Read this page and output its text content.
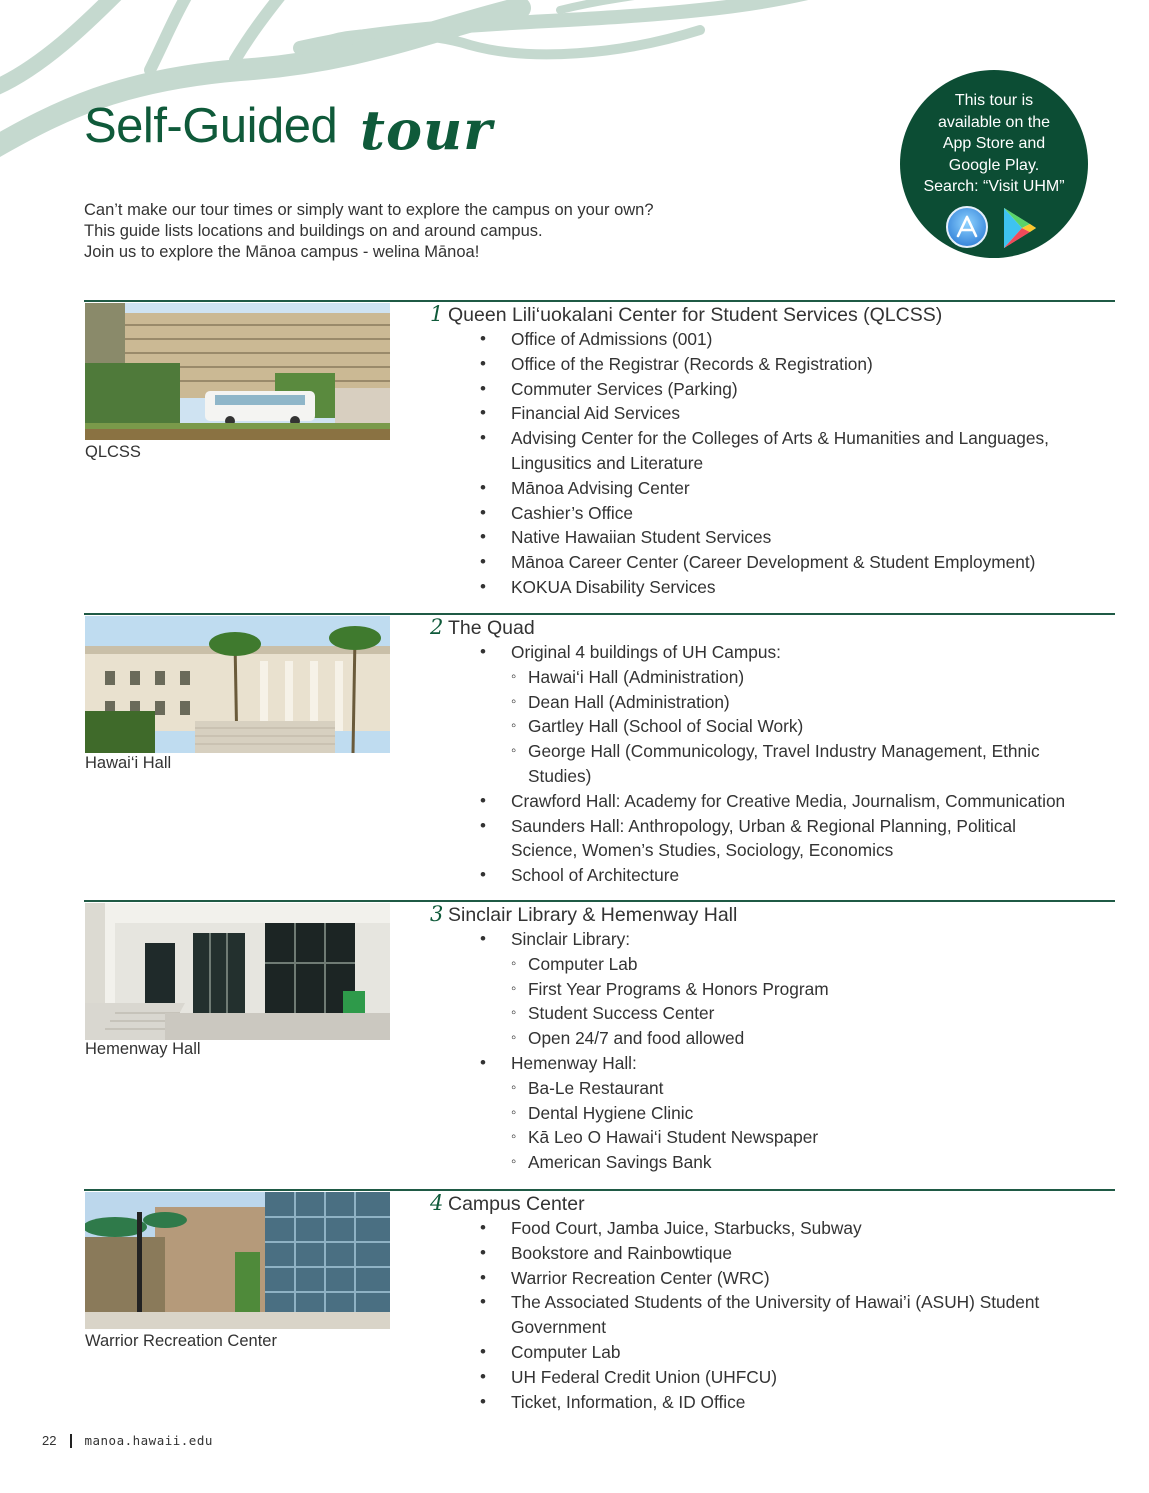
Self-Guided tour
Can’t make our tour times or simply want to explore the campus on your own?
This guide lists locations and buildings on and around campus.
Join us to explore the Mānoa campus - welina Mānoa!
This tour is
available on the
App Store and
Google Play.
Search: “Visit UHM”
QLCSS
1 Queen Lili‘uokalani Center for Student Services (QLCSS)
• Office of Admissions (001)
• Office of the Registrar (Records & Registration)
• Commuter Services (Parking)
• Financial Aid Services
• Advising Center for the Colleges of Arts & Humanities and Languages,
Lingusitics and Literature
• Mānoa Advising Center
• Cashier’s Office
• Native Hawaiian Student Services
• Mānoa Career Center (Career Development & Student Employment)
• KOKUA Disability Services
Hawai‘i Hall
2 The Quad
• Original 4 buildings of UH Campus:
◦ Hawai‘i Hall (Administration)
◦ Dean Hall (Administration)
◦ Gartley Hall (School of Social Work)
◦ George Hall (Communicology, Travel Industry Management, Ethnic
Studies)
• Crawford Hall: Academy for Creative Media, Journalism, Communication
• Saunders Hall: Anthropology, Urban & Regional Planning, Political
Science, Women’s Studies, Sociology, Economics
• School of Architecture
Hemenway Hall
3 Sinclair Library & Hemenway Hall
• Sinclair Library:
◦ Computer Lab
◦ First Year Programs & Honors Program
◦ Student Success Center
◦ Open 24/7 and food allowed
• Hemenway Hall:
◦ Ba-Le Restaurant
◦ Dental Hygiene Clinic
◦ Kā Leo O Hawai‘i Student Newspaper
◦ American Savings Bank
Warrior Recreation Center
4 Campus Center
• Food Court, Jamba Juice, Starbucks, Subway
• Bookstore and Rainbowtique
• Warrior Recreation Center (WRC)
• The Associated Students of the University of Hawai’i (ASUH) Student
Government
• Computer Lab
• UH Federal Credit Union (UHFCU)
• Ticket, Information, & ID Office
22 manoa.hawaii.edu
